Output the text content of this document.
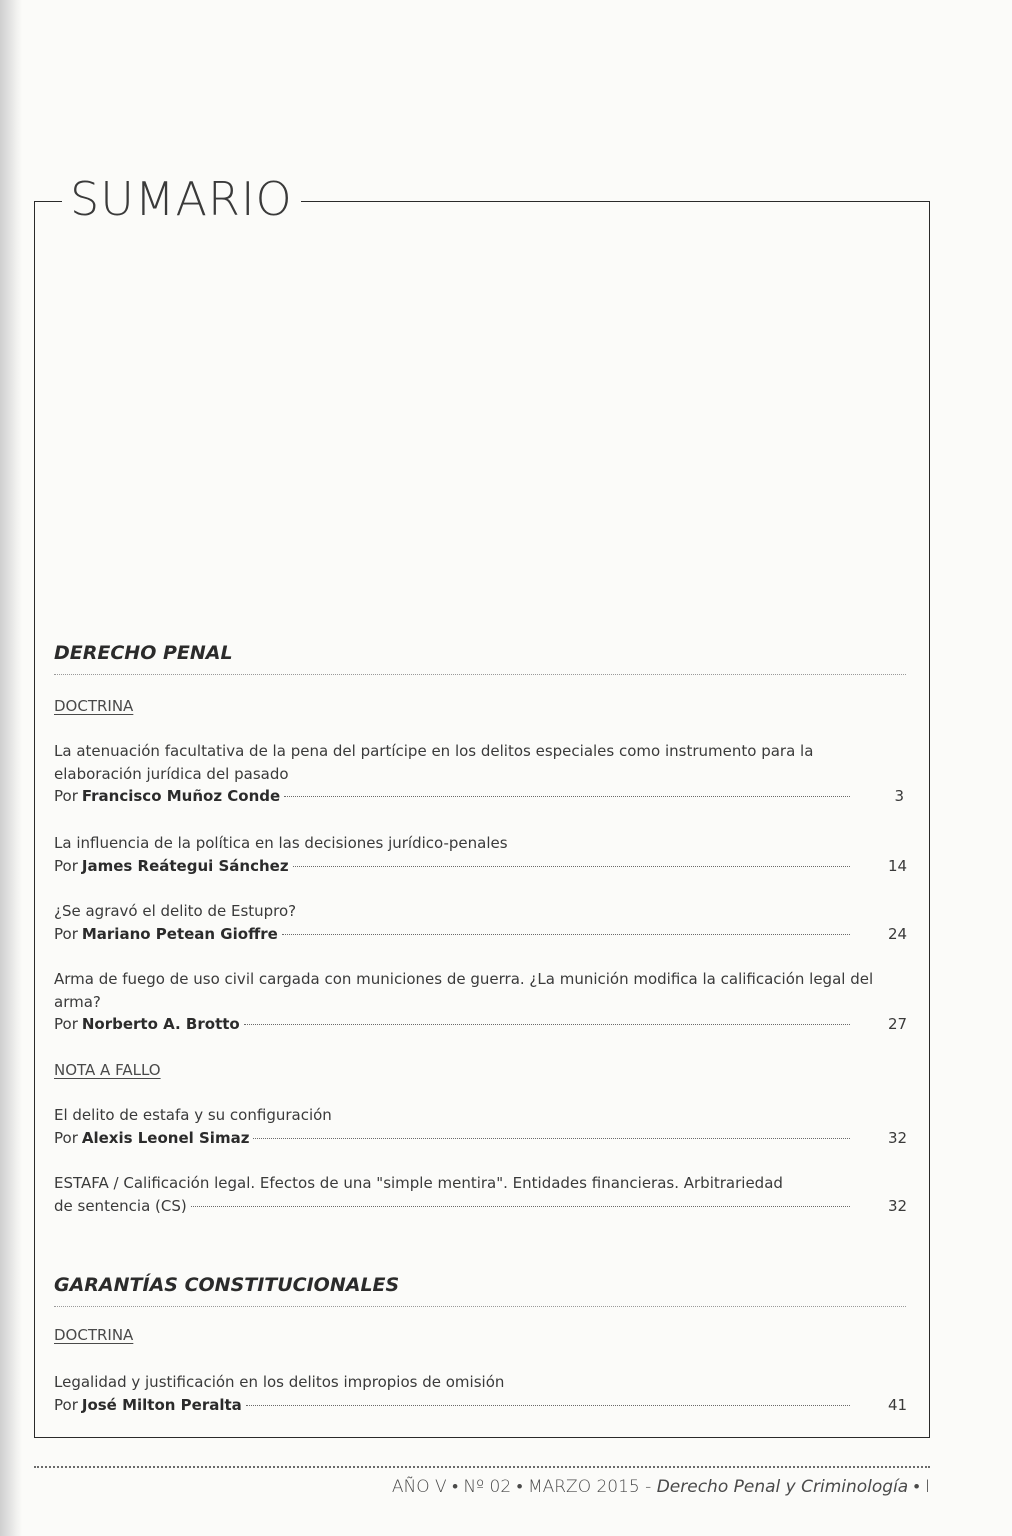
SUMARIO
DERECHO PENAL
DOCTRINA
La atenuación facultativa de la pena del partícipe en los delitos especiales como instrumento para la elaboración jurídica del pasado
Por Francisco Muñoz Conde	3
La influencia de la política en las decisiones jurídico-penales
Por James Reátegui Sánchez	14
¿Se agravó el delito de Estupro?
Por Mariano Petean Gioffre	24
Arma de fuego de uso civil cargada con municiones de guerra. ¿La munición modifica la calificación legal del arma?
Por Norberto A. Brotto	27
NOTA A FALLO
El delito de estafa y su configuración
Por Alexis Leonel Simaz	32
ESTAFA / Calificación legal. Efectos de una "simple mentira". Entidades financieras. Arbitrariedad
de sentencia (CS)	32
GARANTÍAS CONSTITUCIONALES
DOCTRINA
Legalidad y justificación en los delitos impropios de omisión
Por José Milton Peralta	41
AÑO V • Nº 02 • MARZO 2015 - Derecho Penal y Criminología • I
